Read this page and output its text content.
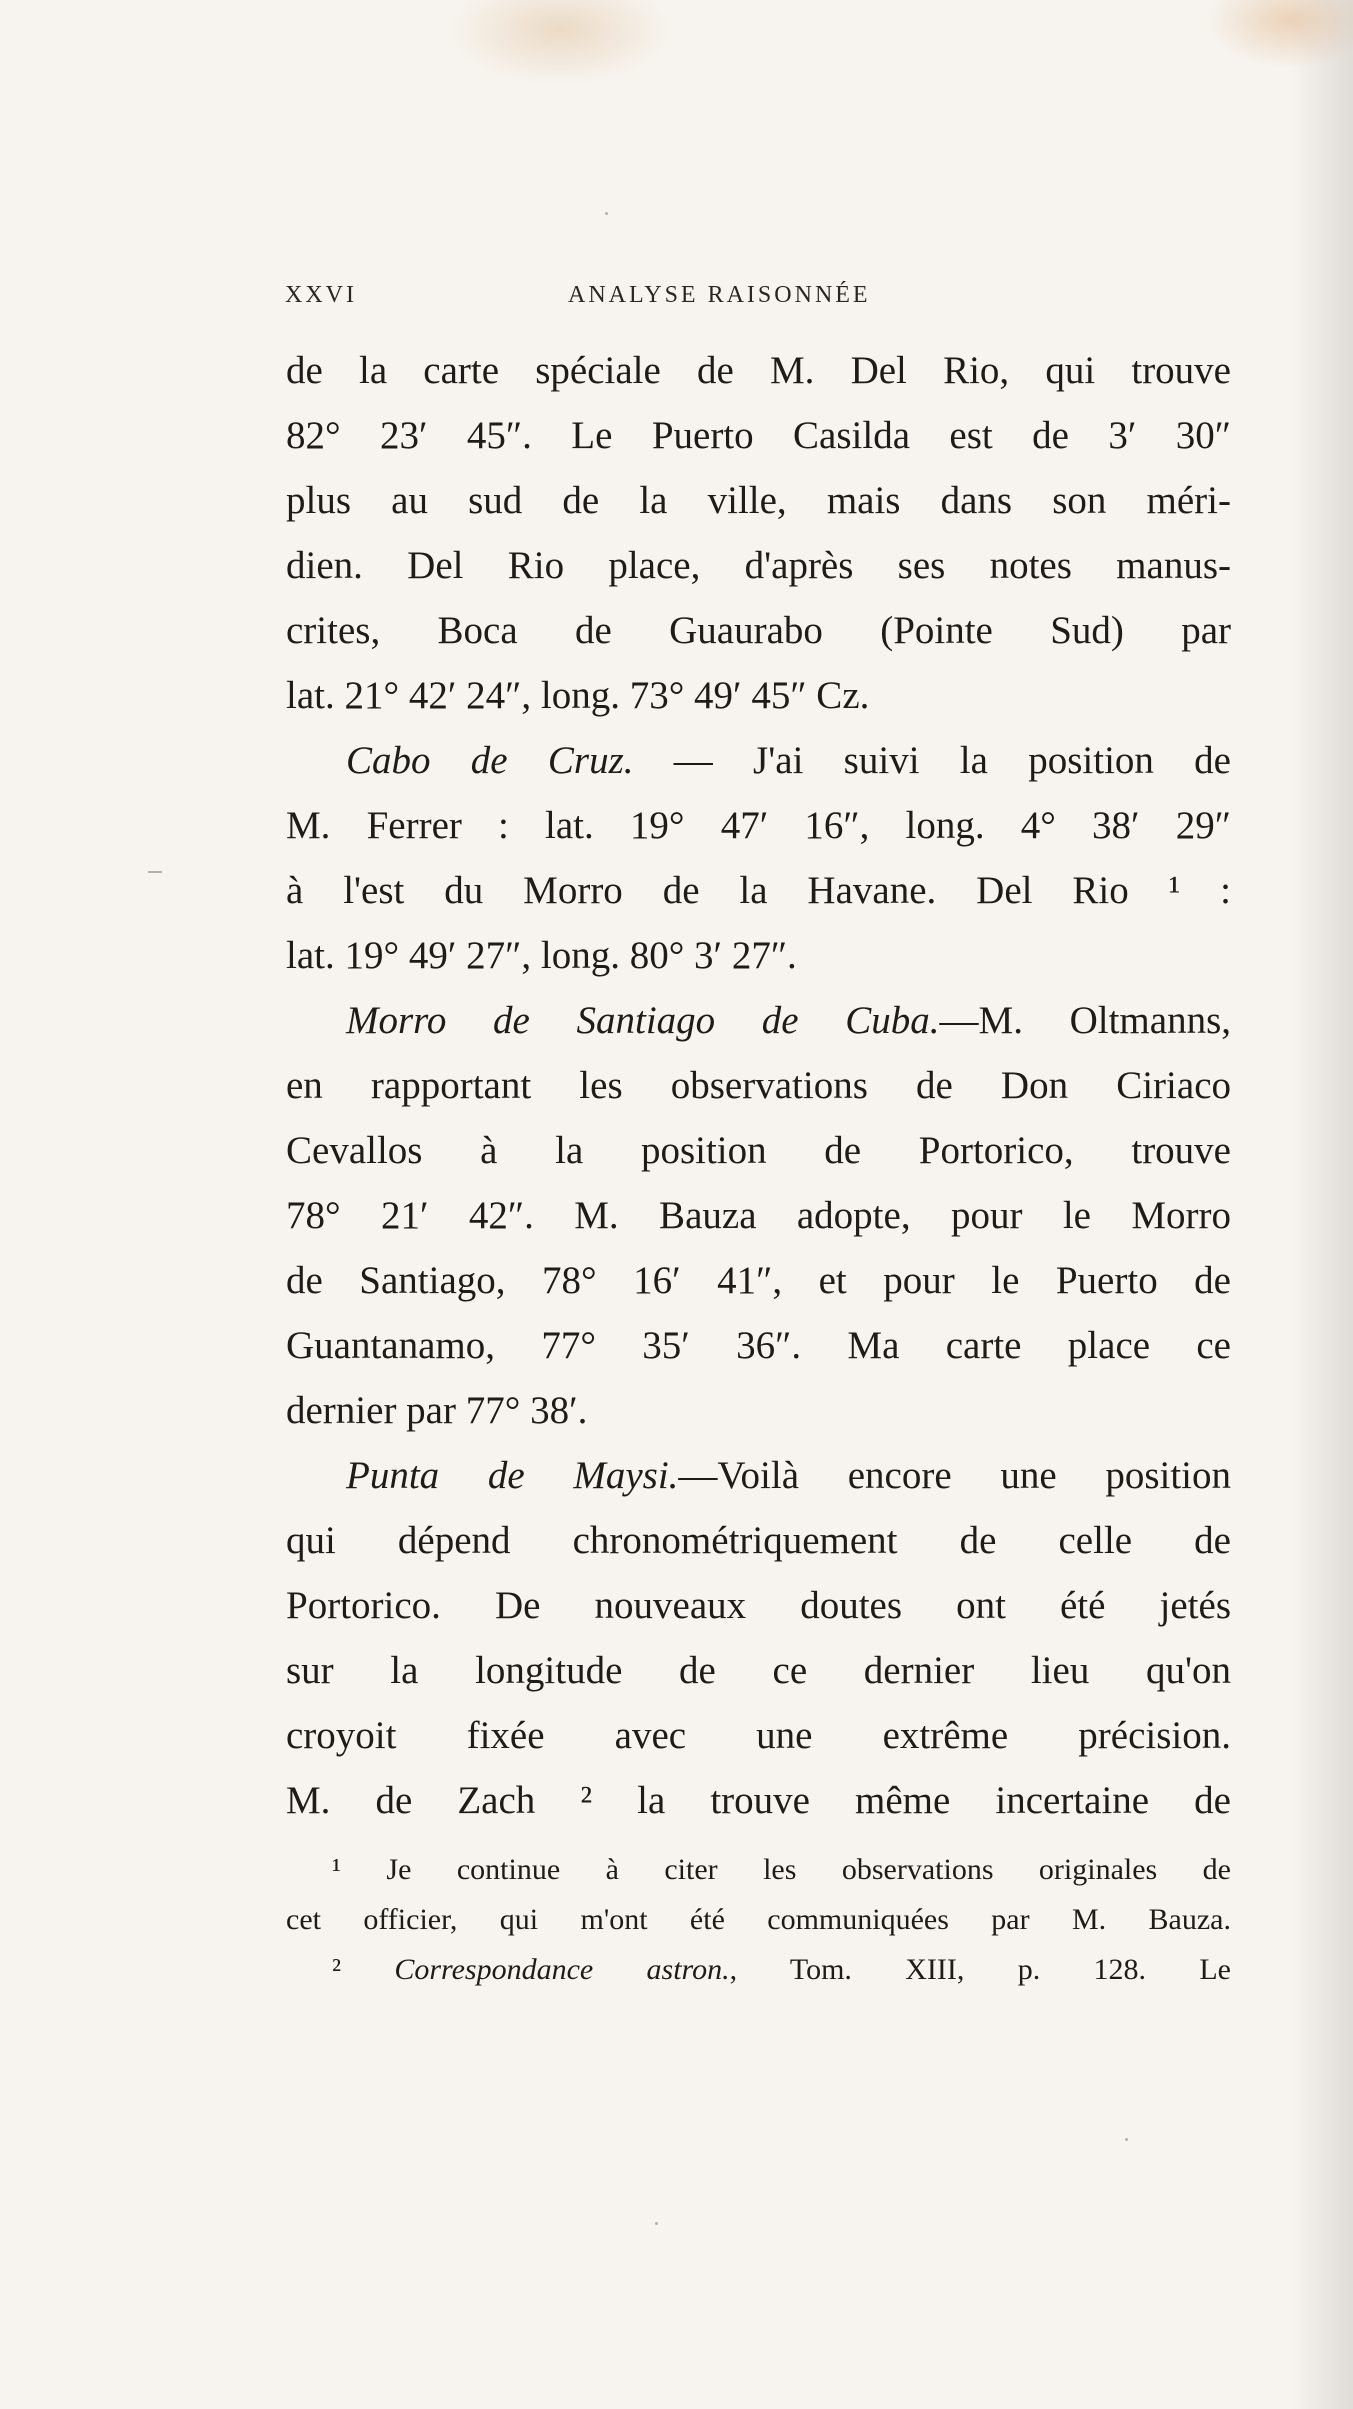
XXVI	ANALYSE RAISONNÉE
de la carte spéciale de M. Del Rio, qui trouve
82° 23′ 45″. Le Puerto Casilda est de 3′ 30″
plus au sud de la ville, mais dans son méri-
dien. Del Rio place, d'après ses notes manus-
crites, Boca de Guaurabo (Pointe Sud) par
lat. 21° 42′ 24″, long. 73° 49′ 45″ Cz.
Cabo de Cruz. — J'ai suivi la position de
M. Ferrer : lat. 19° 47′ 16″, long. 4° 38′ 29″
à l'est du Morro de la Havane. Del Rio ¹ :
lat. 19° 49′ 27″, long. 80° 3′ 27″.
Morro de Santiago de Cuba.—M. Oltmanns,
en rapportant les observations de Don Ciriaco
Cevallos à la position de Portorico, trouve
78° 21′ 42″. M. Bauza adopte, pour le Morro
de Santiago, 78° 16′ 41″, et pour le Puerto de
Guantanamo, 77° 35′ 36″. Ma carte place ce
dernier par 77° 38′.
Punta de Maysi.—Voilà encore une position
qui dépend chronométriquement de celle de
Portorico. De nouveaux doutes ont été jetés
sur la longitude de ce dernier lieu qu'on
croyoit fixée avec une extrême précision.
M. de Zach ² la trouve même incertaine de
¹ Je continue à citer les observations originales de
cet officier, qui m'ont été communiquées par M. Bauza.
² Correspondance astron., Tom. XIII, p. 128. Le
